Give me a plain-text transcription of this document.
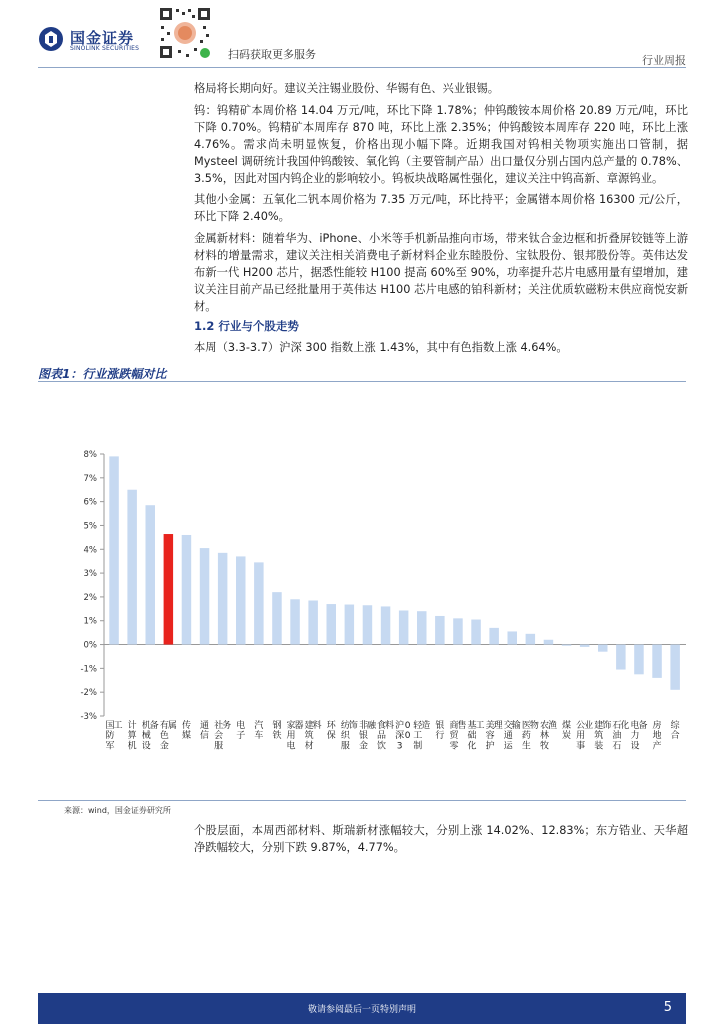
国金证券
SINOLINK SECURITIES	扫码获取更多服务	行业周报

格局将长期向好。建议关注锡业股份、华锡有色、兴业银锡。

钨：钨精矿本周价格 14.04 万元/吨，环比下降 1.78%；仲钨酸铵本周价格 20.89 万元/吨，环比下降 0.70%。钨精矿本周库存 870 吨，环比上涨 2.35%；仲钨酸铵本周库存 220 吨，环比上涨 4.76%。需求尚未明显恢复，价格出现小幅下降。近期我国对钨相关物项实施出口管制，据 Mysteel 调研统计我国仲钨酸铵、氧化钨（主要管制产品）出口量仅分别占国内总产量的 0.78%、3.5%，因此对国内钨企业的影响较小。钨板块战略属性强化，建议关注中钨高新、章源钨业。

其他小金属：五氧化二钒本周价格为 7.35 万元/吨，环比持平；金属镨本周价格 16300 元/公斤，环比下降 2.40%。

金属新材料：随着华为、iPhone、小米等手机新品推向市场，带来钛合金边框和折叠屏铰链等上游材料的增量需求，建议关注相关消费电子新材料企业东睦股份、宝钛股份、银邦股份等。英伟达发布新一代 H200 芯片，据悉性能较 H100 提高 60%至 90%，功率提升芯片电感用量有望增加，建议关注目前产品已经批量用于英伟达 H100 芯片电感的铂科新材；关注优质软磁粉末供应商悦安新材。

1.2 行业与个股走势

本周（3.3-3.7）沪深 300 指数上涨 1.43%，其中有色指数上涨 4.64%。

图表1：行业涨跌幅对比
-3%
-2%
-1%
0%
1%
2%
3%
4%
5%
6%
7%
8%
国防军工 计算机
机械设备 有色金属 传媒
通信
社会服务 电子
汽车
钢铁
家用电器 建筑材料 环保
纺织服饰 非银金融 食品饮料 沪深 30 0
轻工制造 银行
商贸零售 基础化工 美容护理 交通运输 医药生物 农林牧渔 煤炭
公用事业 建筑装饰 石油石化 电力设备 房地产
综合
来源：wind，国金证券研究所

个股层面，本周西部材料、斯瑞新材涨幅较大，分别上涨 14.02%、12.83%；东方锆业、天华超净跌幅较大，分别下跌 9.87%，4.77%。

敬请参阅最后一页特别声明	5
